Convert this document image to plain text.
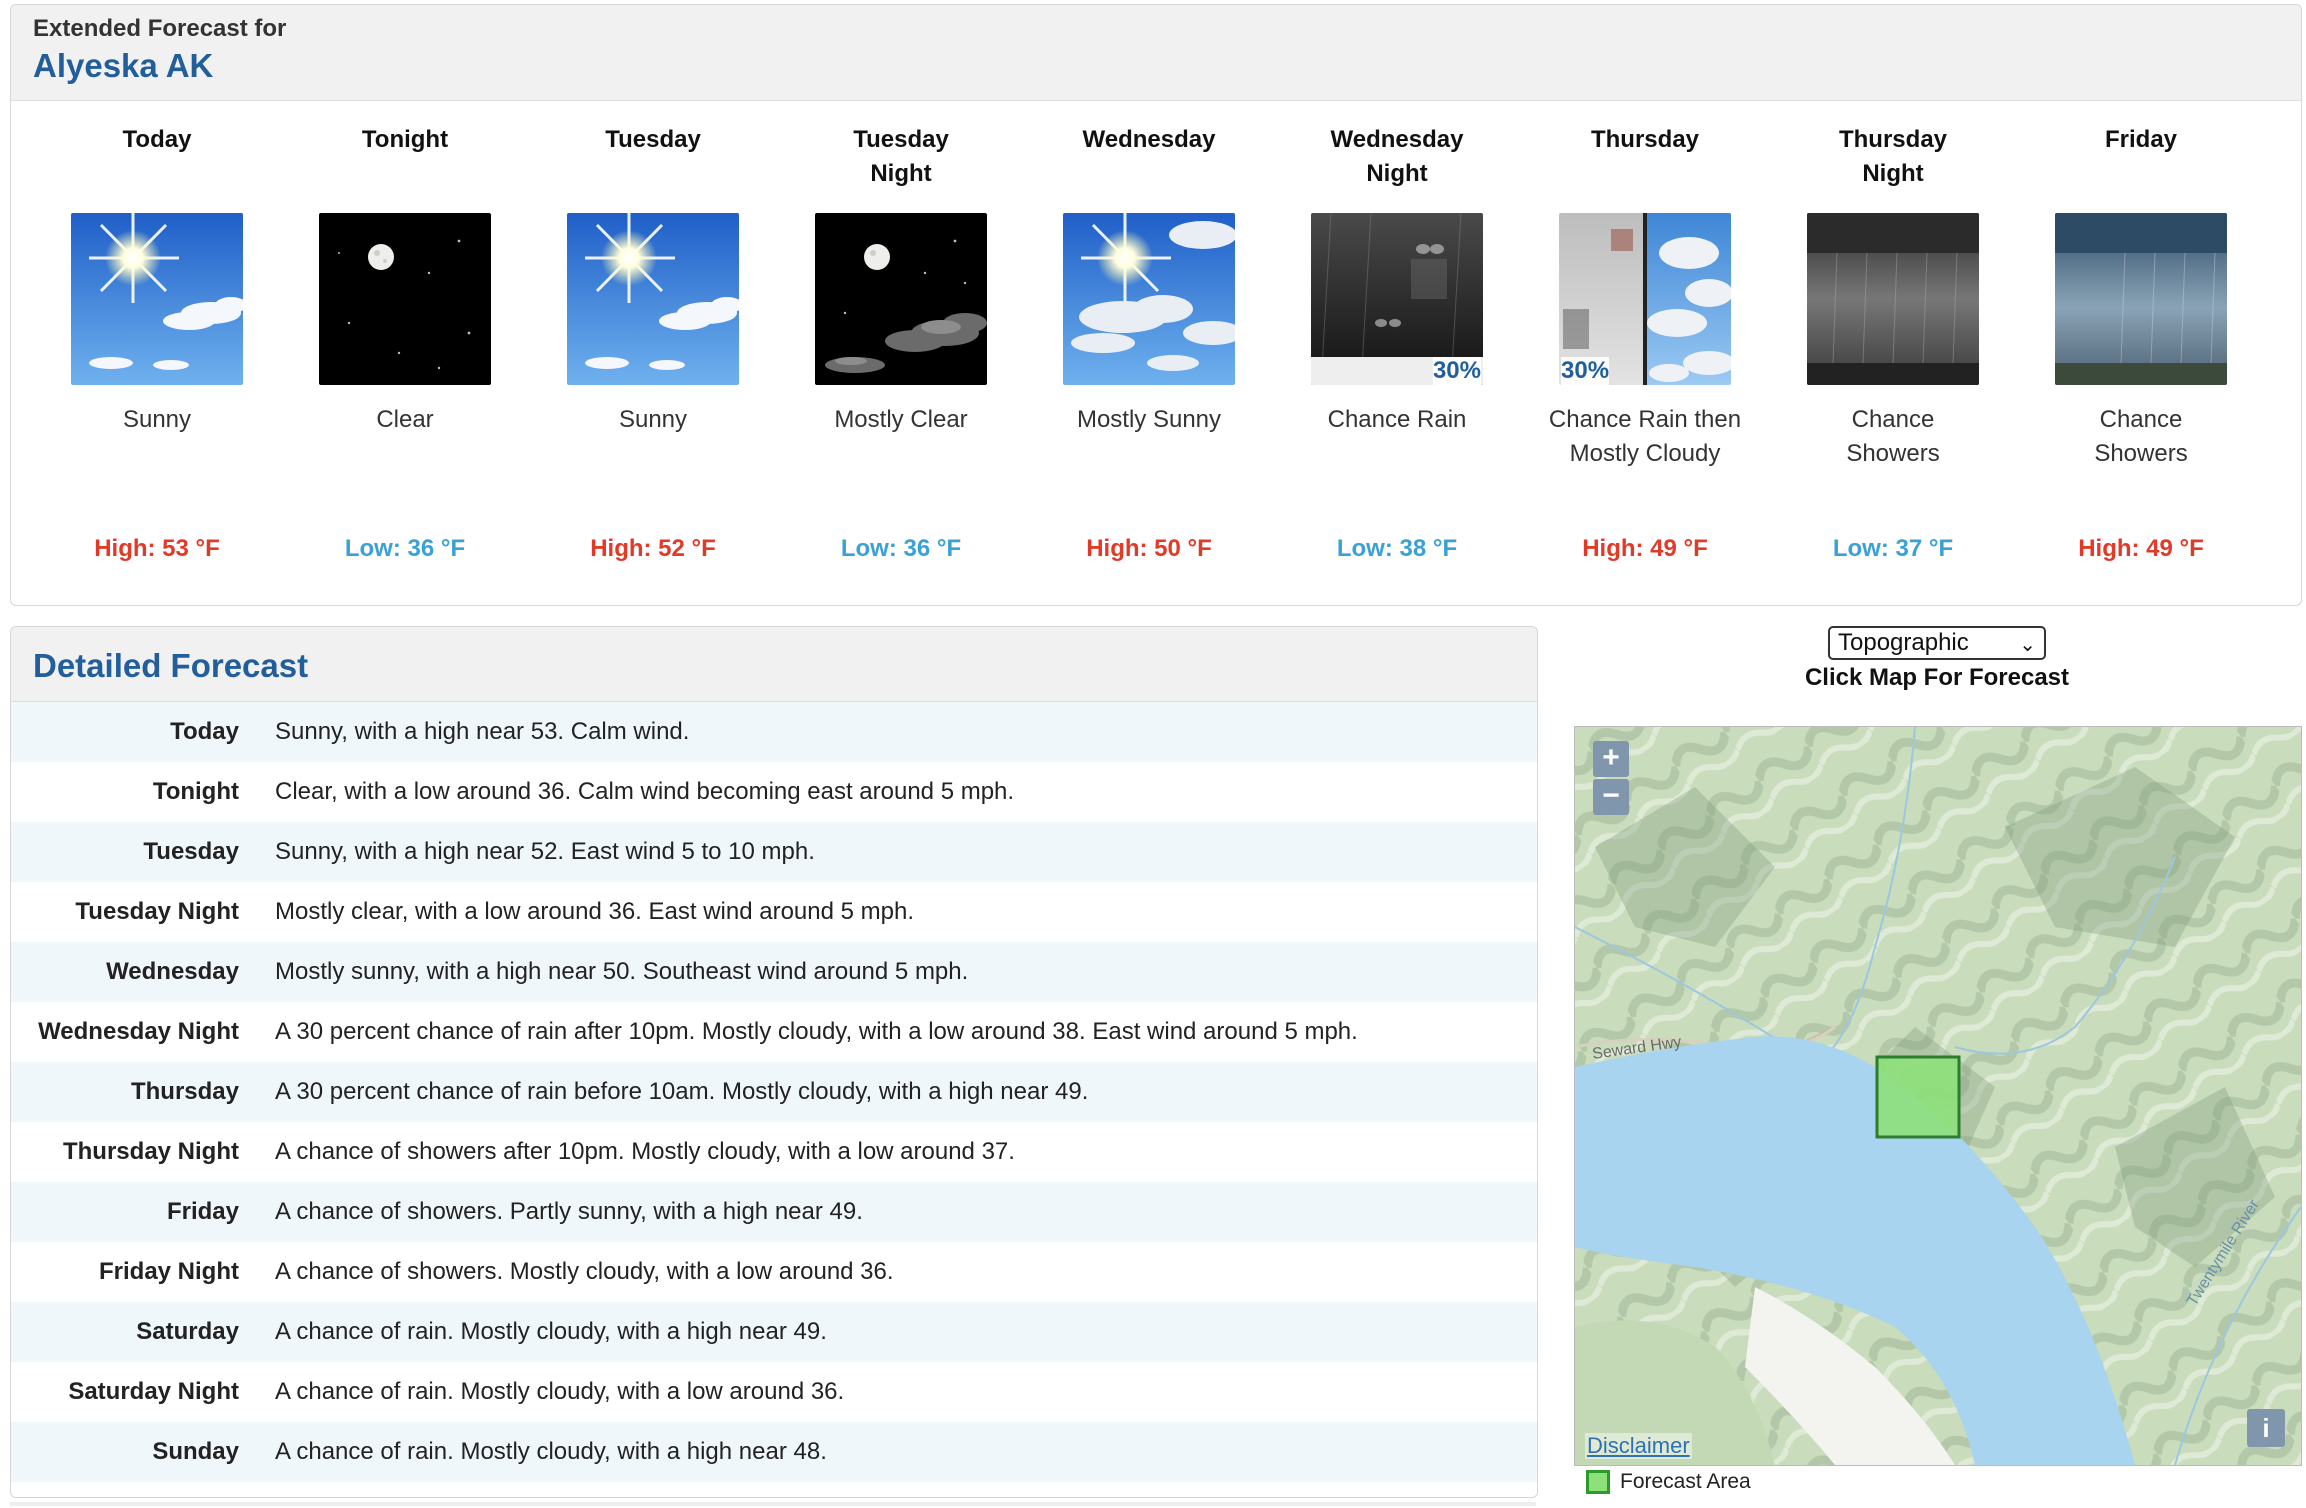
Extended Forecast for
Alyeska AK
Today
Sunny
High: 53 °F
Tonight
Clear
Low: 36 °F
Tuesday
Sunny
High: 52 °F
Tuesday Night
Mostly Clear
Low: 36 °F
Wednesday
Mostly Sunny
High: 50 °F
Wednesday Night
30%
Chance Rain
Low: 38 °F
Thursday
30%
Chance Rain then Mostly Cloudy
High: 49 °F
Thursday Night
Chance Showers
Low: 37 °F
Friday
Chance Showers
High: 49 °F
Detailed Forecast
Today Sunny, with a high near 53. Calm wind.
Tonight Clear, with a low around 36. Calm wind becoming east around 5 mph.
Tuesday Sunny, with a high near 52. East wind 5 to 10 mph.
Tuesday Night Mostly clear, with a low around 36. East wind around 5 mph.
Wednesday Mostly sunny, with a high near 50. Southeast wind around 5 mph.
Wednesday Night A 30 percent chance of rain after 10pm. Mostly cloudy, with a low around 38. East wind around 5 mph.
Thursday A 30 percent chance of rain before 10am. Mostly cloudy, with a high near 49.
Thursday Night A chance of showers after 10pm. Mostly cloudy, with a low around 37.
Friday A chance of showers. Partly sunny, with a high near 49.
Friday Night A chance of showers. Mostly cloudy, with a low around 36.
Saturday A chance of rain. Mostly cloudy, with a high near 49.
Saturday Night A chance of rain. Mostly cloudy, with a low around 36.
Sunday A chance of rain. Mostly cloudy, with a high near 48.
Topographic	⌄
Click Map For Forecast
Seward Hwy
Twentymile River
+
−
Disclaimer
i
Forecast Area
